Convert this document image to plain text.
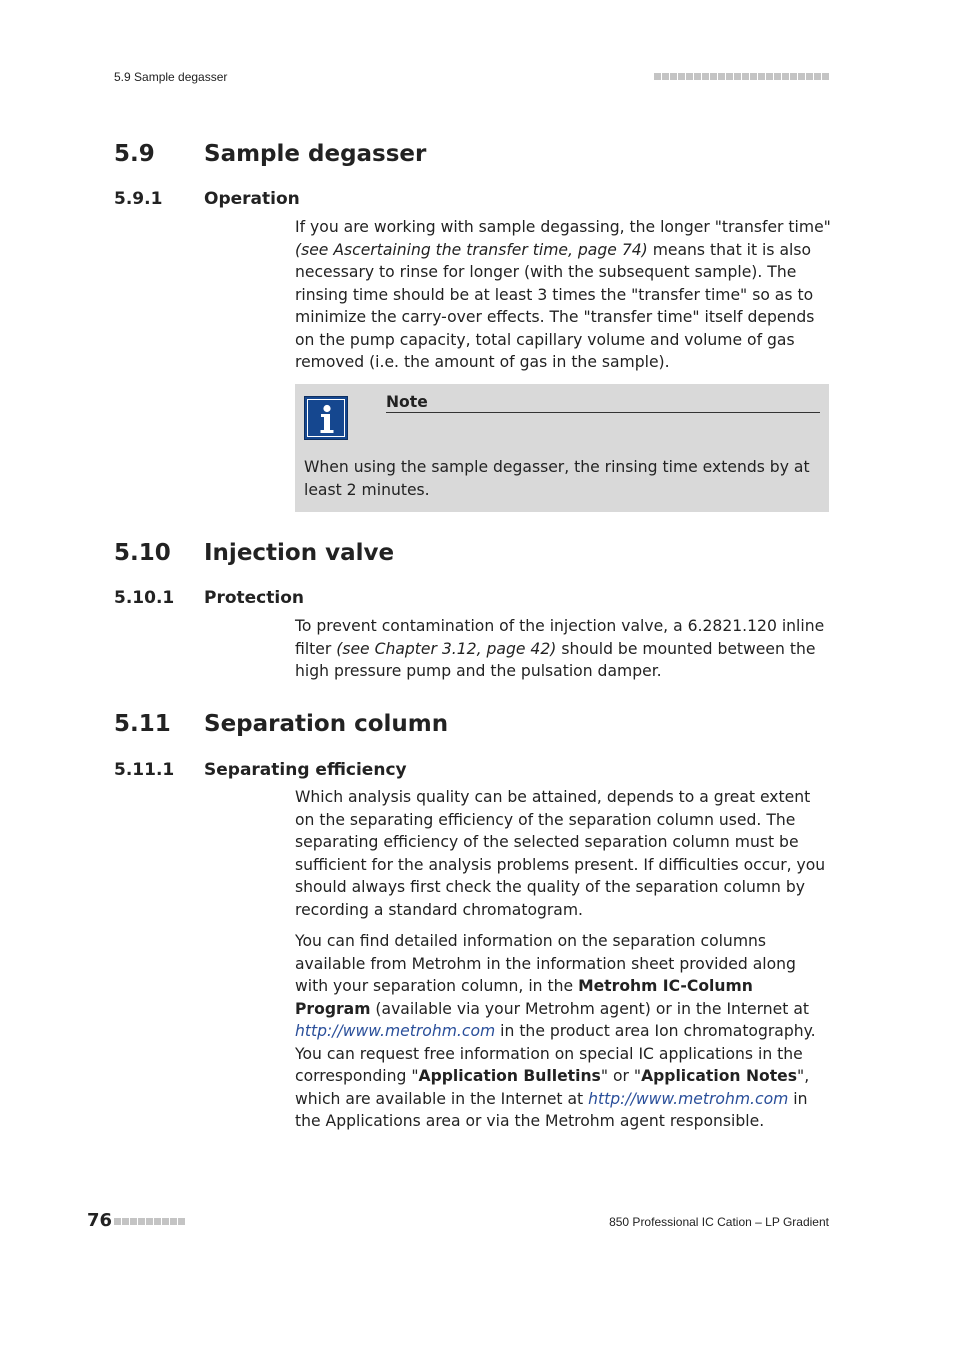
5.9 Sample degasser
5.9	Sample degasser
5.9.1	Operation

If you are working with sample degassing, the longer "transfer time" (see Ascertaining the transfer time, page 74) means that it is also necessary to rinse for longer (with the subsequent sample). The rinsing time should be at least 3 times the "transfer time" so as to minimize the carry-over effects. The "transfer time" itself depends on the pump capacity, total capillary volume and volume of gas removed (i.e. the amount of gas in the sample).

Note
When using the sample degasser, the rinsing time extends by at least 2 minutes.
5.10	Injection valve
5.10.1	Protection

To prevent contamination of the injection valve, a 6.2821.120 inline filter (see Chapter 3.12, page 42) should be mounted between the high pressure pump and the pulsation damper.

5.11	Separation column
5.11.1	Separating efficiency

Which analysis quality can be attained, depends to a great extent on the separating efficiency of the separation column used. The separating efficiency of the selected separation column must be sufficient for the analysis problems present. If difficulties occur, you should always first check the quality of the separation column by recording a standard chromatogram.

You can find detailed information on the separation columns available from Metrohm in the information sheet provided along with your separation column, in the Metrohm IC-Column Program (available via your Metrohm agent) or in the Internet at http://www.metrohm.com in the product area Ion chromatography. You can request free information on special IC applications in the corresponding "Application Bulletins" or "Application Notes", which are available in the Internet at http://www.metrohm.com in the Applications area or via the Metrohm agent responsible.

76	850 Professional IC Cation – LP Gradient
